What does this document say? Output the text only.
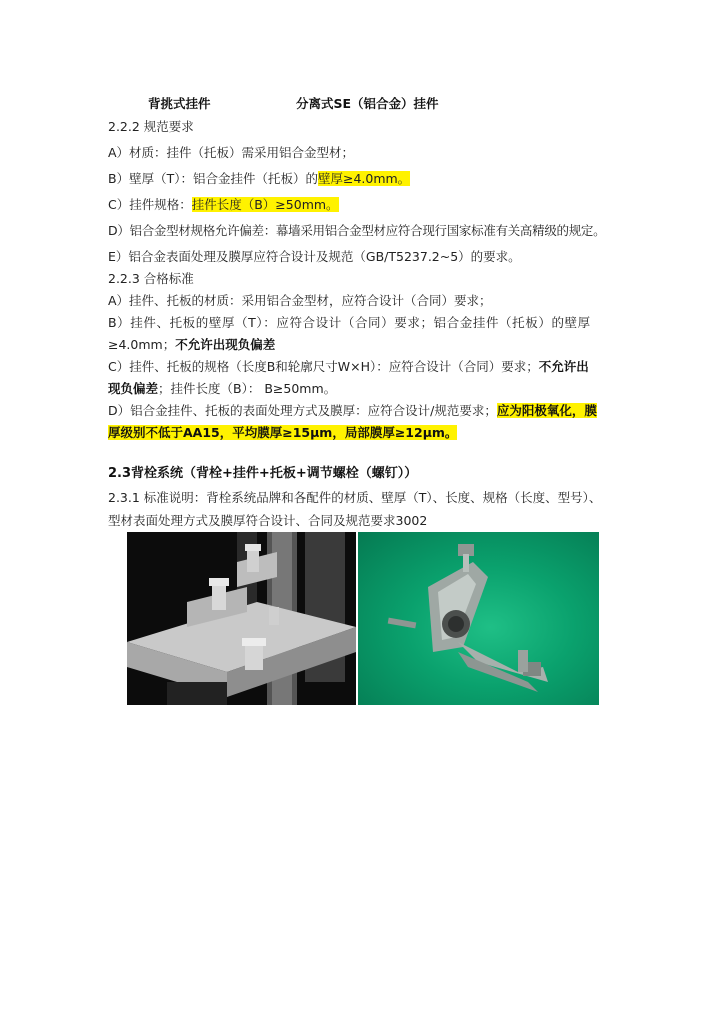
背挑式挂件	分离式SE（铝合金）挂件
2.2.2 规范要求
A）材质：挂件（托板）需采用铝合金型材；
B）壁厚（T）：铝合金挂件（托板）的壁厚≥4.0mm。
C）挂件规格：挂件长度（B）≥50mm。
D）铝合金型材规格允许偏差：幕墙采用铝合金型材应符合现行国家标准有关高精级的规定。
E）铝合金表面处理及膜厚应符合设计及规范（GB/T5237.2~5）的要求。
2.2.3 合格标准
A）挂件、托板的材质：采用铝合金型材，应符合设计（合同）要求；
B）挂件、托板的壁厚（T）：应符合设计（合同）要求；铝合金挂件（托板）的壁厚
≥4.0mm；不允许出现负偏差
C）挂件、托板的规格（长度B和轮廓尺寸W×H）：应符合设计（合同）要求；不允许出
现负偏差；挂件长度（B）： B≥50mm。
D）铝合金挂件、托板的表面处理方式及膜厚：应符合设计/规范要求；应为阳极氧化，膜
厚级别不低于AA15，平均膜厚≥15μm，局部膜厚≥12μm。
2.3背栓系统（背栓+挂件+托板+调节螺栓（螺钉））
2.3.1 标准说明：背栓系统品牌和各配件的材质、壁厚（T）、长度、规格（长度、型号）、
型材表面处理方式及膜厚符合设计、合同及规范要求3002
